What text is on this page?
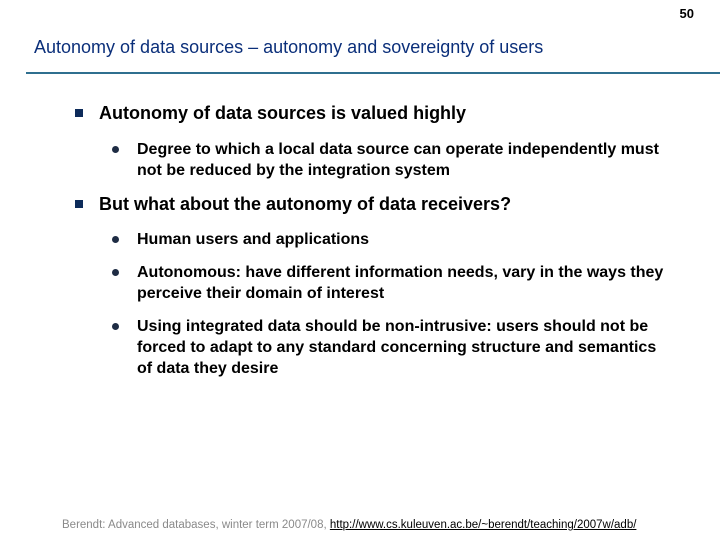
50
Autonomy of data sources – autonomy and sovereignty of users
Autonomy of data sources is valued highly
Degree to which a local data source can operate independently must not be reduced by the integration system
But what about the autonomy of data receivers?
Human users and applications
Autonomous: have different information needs, vary in the ways they perceive their domain of interest
Using integrated data should be non-intrusive: users should not be forced to adapt to any standard concerning structure and semantics of data they desire
Berendt: Advanced databases, winter term 2007/08, http://www.cs.kuleuven.ac.be/~berendt/teaching/2007w/adb/
